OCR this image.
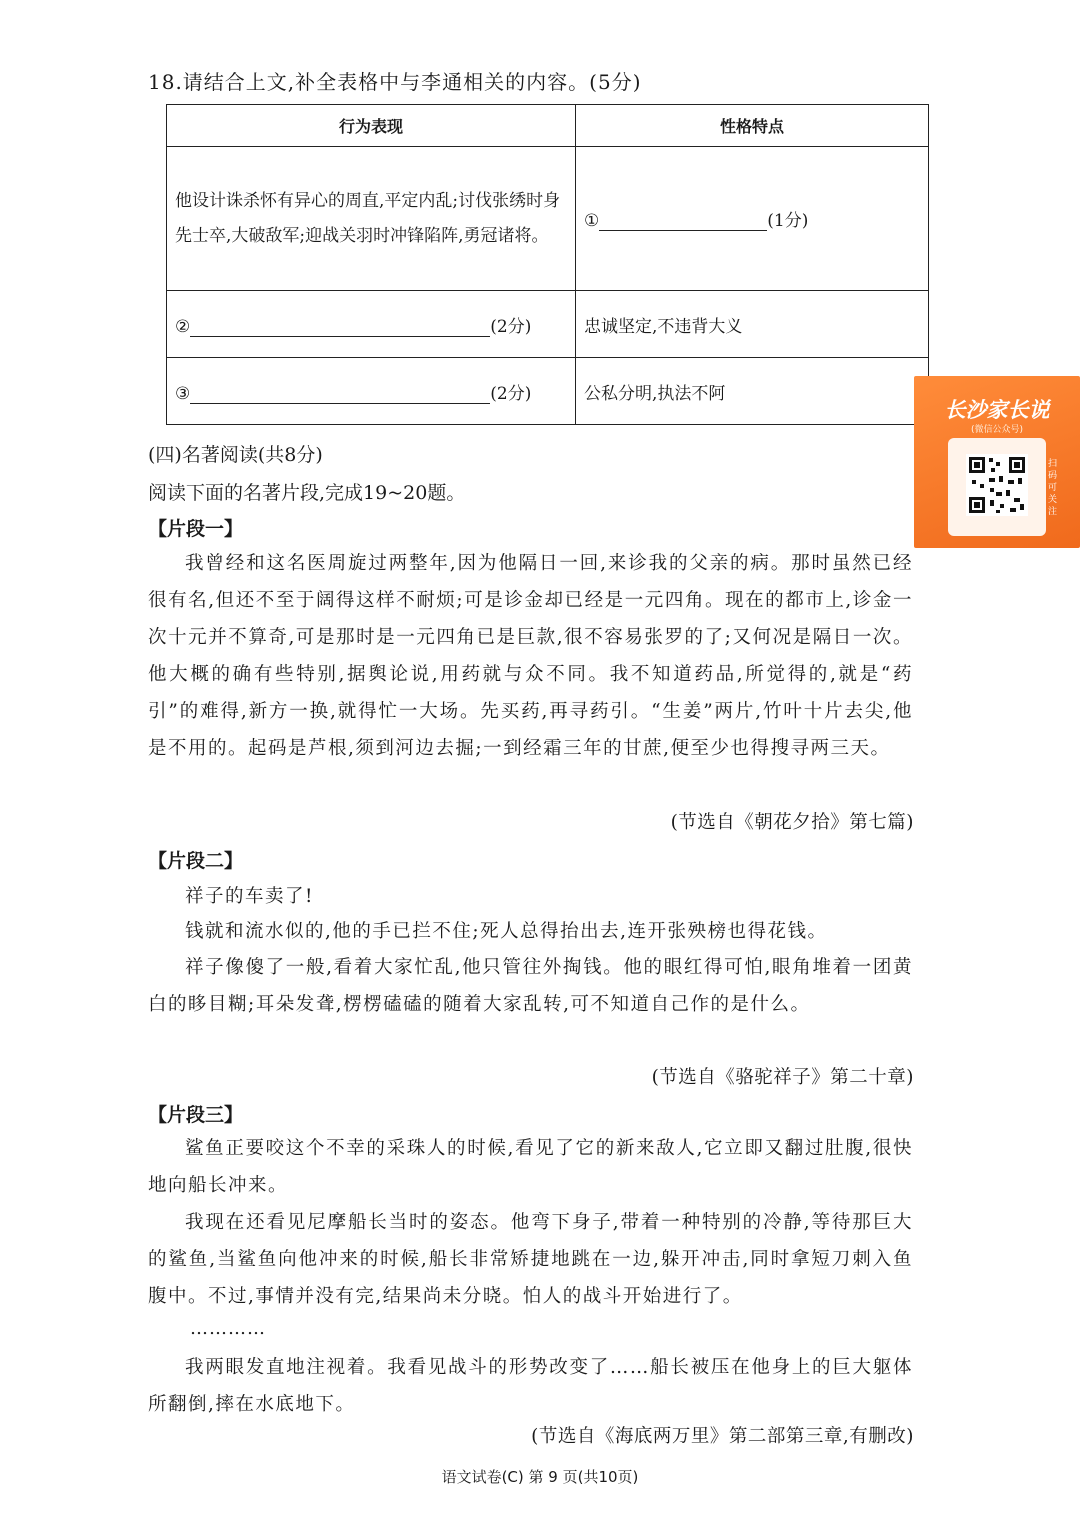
18.请结合上文,补全表格中与李通相关的内容。(5分)
行为表现	性格特点
他设计诛杀怀有异心的周直,平定内乱;讨伐张绣时身先士卒,大破敌军;迎战关羽时冲锋陷阵,勇冠诸将。	① (1分)
② (2分)	忠诚坚定,不违背大义
③ (2分)	公私分明,执法不阿
(四)名著阅读(共8分)
阅读下面的名著片段,完成19~20题。
【片段一】
我曾经和这名医周旋过两整年,因为他隔日一回,来诊我的父亲的病。那时虽然已经很有名,但还不至于阔得这样不耐烦;可是诊金却已经是一元四角。现在的都市上,诊金一次十元并不算奇,可是那时是一元四角已是巨款,很不容易张罗的了;又何况是隔日一次。他大概的确有些特别,据舆论说,用药就与众不同。我不知道药品,所觉得的,就是“药引”的难得,新方一换,就得忙一大场。先买药,再寻药引。“生姜”两片,竹叶十片去尖,他是不用的。起码是芦根,须到河边去掘;一到经霜三年的甘蔗,便至少也得搜寻两三天。
(节选自《朝花夕拾》第七篇)
【片段二】
祥子的车卖了!
钱就和流水似的,他的手已拦不住;死人总得抬出去,连开张殃榜也得花钱。
祥子像傻了一般,看着大家忙乱,他只管往外掏钱。他的眼红得可怕,眼角堆着一团黄白的眵目糊;耳朵发聋,楞楞磕磕的随着大家乱转,可不知道自己作的是什么。
(节选自《骆驼祥子》第二十章)
【片段三】
鲨鱼正要咬这个不幸的采珠人的时候,看见了它的新来敌人,它立即又翻过肚腹,很快地向船长冲来。
我现在还看见尼摩船长当时的姿态。他弯下身子,带着一种特别的冷静,等待那巨大的鲨鱼,当鲨鱼向他冲来的时候,船长非常矫捷地跳在一边,躲开冲击,同时拿短刀刺入鱼腹中。不过,事情并没有完,结果尚未分晓。怕人的战斗开始进行了。
…………
我两眼发直地注视着。我看见战斗的形势改变了……船长被压在他身上的巨大躯体所翻倒,摔在水底地下。
(节选自《海底两万里》第二部第三章,有删改)
语文试卷(C) 第 9 页(共10页)
长沙家长说
(微信公众号)
扫码可关注
